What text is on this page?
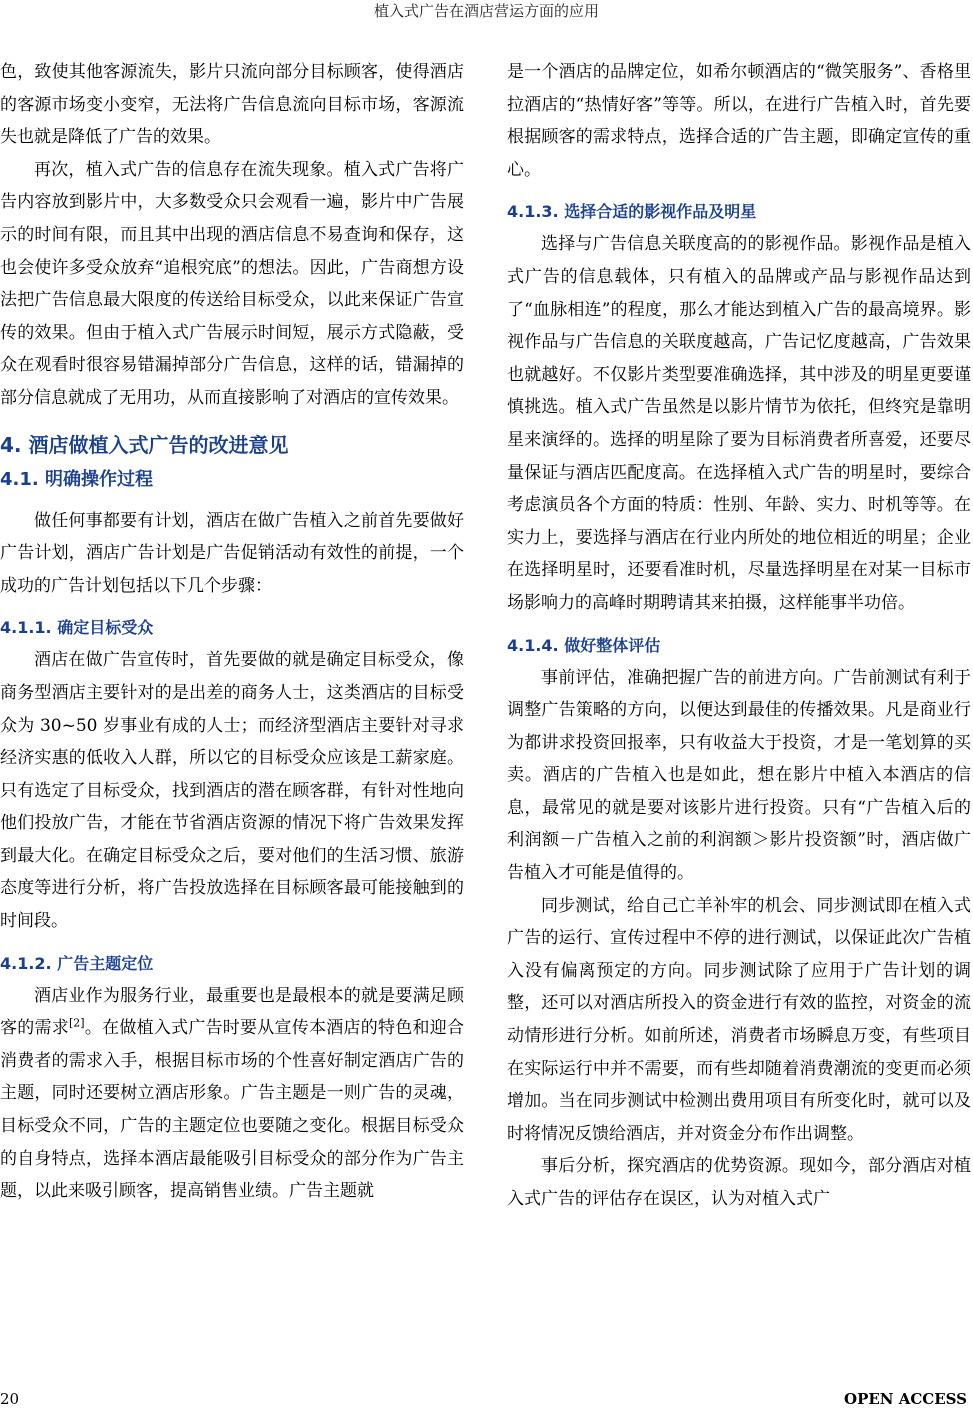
植入式广告在酒店营运方面的应用

色，致使其他客源流失，影片只流向部分目标顾客，使得酒店的客源市场变小变窄，无法将广告信息流向目标市场，客源流失也就是降低了广告的效果。

再次，植入式广告的信息存在流失现象。植入式广告将广告内容放到影片中，大多数受众只会观看一遍，影片中广告展示的时间有限，而且其中出现的酒店信息不易查询和保存，这也会使许多受众放弃“追根究底”的想法。因此，广告商想方设法把广告信息最大限度的传送给目标受众，以此来保证广告宣传的效果。但由于植入式广告展示时间短，展示方式隐蔽，受众在观看时很容易错漏掉部分广告信息，这样的话，错漏掉的部分信息就成了无用功，从而直接影响了对酒店的宣传效果。

4. 酒店做植入式广告的改进意见
4.1. 明确操作过程

做任何事都要有计划，酒店在做广告植入之前首先要做好广告计划，酒店广告计划是广告促销活动有效性的前提，一个成功的广告计划包括以下几个步骤：

4.1.1. 确定目标受众

酒店在做广告宣传时，首先要做的就是确定目标受众，像商务型酒店主要针对的是出差的商务人士，这类酒店的目标受众为 30~50 岁事业有成的人士；而经济型酒店主要针对寻求经济实惠的低收入人群，所以它的目标受众应该是工薪家庭。只有选定了目标受众，找到酒店的潜在顾客群，有针对性地向他们投放广告，才能在节省酒店资源的情况下将广告效果发挥到最大化。在确定目标受众之后，要对他们的生活习惯、旅游态度等进行分析，将广告投放选择在目标顾客最可能接触到的时间段。

4.1.2. 广告主题定位

酒店业作为服务行业，最重要也是最根本的就是要满足顾客的需求[2]。在做植入式广告时要从宣传本酒店的特色和迎合消费者的需求入手，根据目标市场的个性喜好制定酒店广告的主题，同时还要树立酒店形象。广告主题是一则广告的灵魂，目标受众不同，广告的主题定位也要随之变化。根据目标受众的自身特点，选择本酒店最能吸引目标受众的部分作为广告主题，以此来吸引顾客，提高销售业绩。广告主题就

是一个酒店的品牌定位，如希尔顿酒店的“微笑服务”、香格里拉酒店的“热情好客”等等。所以，在进行广告植入时，首先要根据顾客的需求特点，选择合适的广告主题，即确定宣传的重心。

4.1.3. 选择合适的影视作品及明星

选择与广告信息关联度高的的影视作品。影视作品是植入式广告的信息载体，只有植入的品牌或产品与影视作品达到了“血脉相连”的程度，那么才能达到植入广告的最高境界。影视作品与广告信息的关联度越高，广告记忆度越高，广告效果也就越好。不仅影片类型要准确选择，其中涉及的明星更要谨慎挑选。植入式广告虽然是以影片情节为依托，但终究是靠明星来演绎的。选择的明星除了要为目标消费者所喜爱，还要尽量保证与酒店匹配度高。在选择植入式广告的明星时，要综合考虑演员各个方面的特质：性别、年龄、实力、时机等等。在实力上，要选择与酒店在行业内所处的地位相近的明星；企业在选择明星时，还要看准时机，尽量选择明星在对某一目标市场影响力的高峰时期聘请其来拍摄，这样能事半功倍。

4.1.4. 做好整体评估

事前评估，准确把握广告的前进方向。广告前测试有利于调整广告策略的方向，以便达到最佳的传播效果。凡是商业行为都讲求投资回报率，只有收益大于投资，才是一笔划算的买卖。酒店的广告植入也是如此，想在影片中植入本酒店的信息，最常见的就是要对该影片进行投资。只有“广告植入后的利润额－广告植入之前的利润额＞影片投资额”时，酒店做广告植入才可能是值得的。

同步测试，给自己亡羊补牢的机会、同步测试即在植入式广告的运行、宣传过程中不停的进行测试，以保证此次广告植入没有偏离预定的方向。同步测试除了应用于广告计划的调整，还可以对酒店所投入的资金进行有效的监控，对资金的流动情形进行分析。如前所述，消费者市场瞬息万变，有些项目在实际运行中并不需要，而有些却随着消费潮流的变更而必须增加。当在同步测试中检测出费用项目有所变化时，就可以及时将情况反馈给酒店，并对资金分布作出调整。

事后分析，探究酒店的优势资源。现如今，部分酒店对植入式广告的评估存在误区，认为对植入式广

20	OPEN ACCESS
